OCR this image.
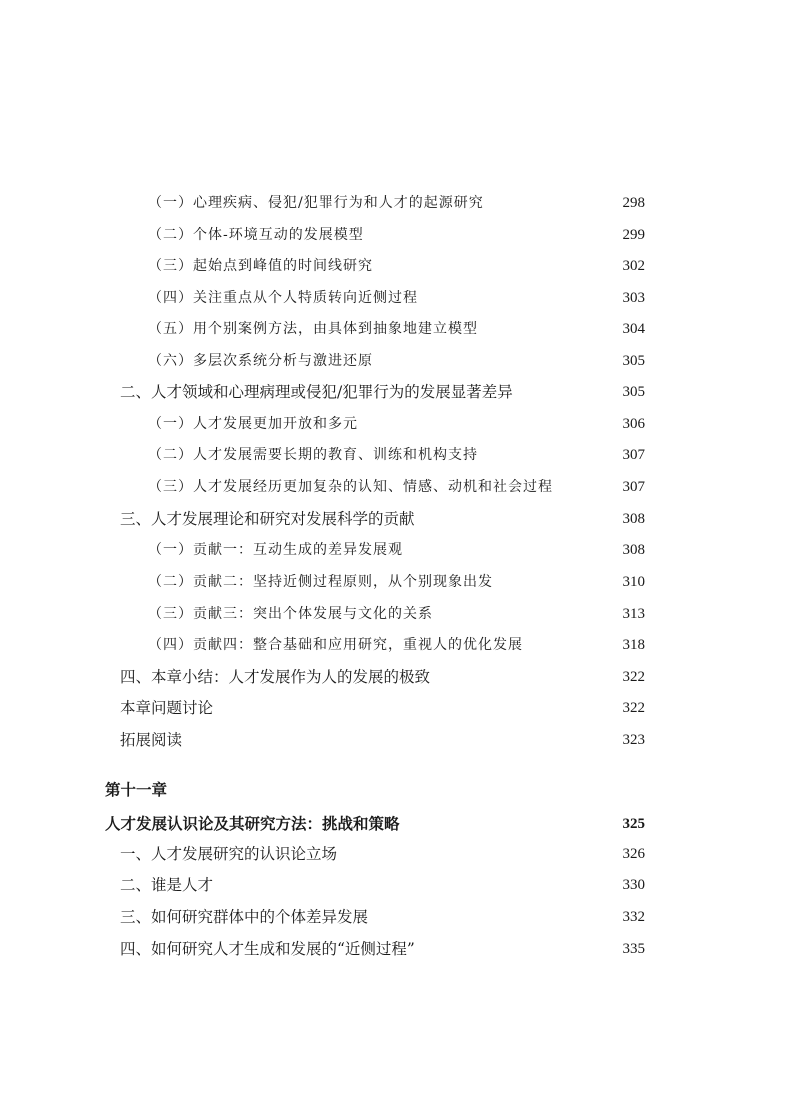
（一）心理疾病、侵犯/犯罪行为和人才的起源研究	298
（二）个体-环境互动的发展模型	299
（三）起始点到峰值的时间线研究	302
（四）关注重点从个人特质转向近侧过程	303
（五）用个别案例方法，由具体到抽象地建立模型	304
（六）多层次系统分析与激进还原	305
二、人才领域和心理病理或侵犯/犯罪行为的发展显著差异	305
（一）人才发展更加开放和多元	306
（二）人才发展需要长期的教育、训练和机构支持	307
（三）人才发展经历更加复杂的认知、情感、动机和社会过程	307
三、人才发展理论和研究对发展科学的贡献	308
（一）贡献一：互动生成的差异发展观	308
（二）贡献二：坚持近侧过程原则，从个别现象出发	310
（三）贡献三：突出个体发展与文化的关系	313
（四）贡献四：整合基础和应用研究，重视人的优化发展	318
四、本章小结：人才发展作为人的发展的极致	322
本章问题讨论	322
拓展阅读	323
第十一章
人才发展认识论及其研究方法：挑战和策略	325
一、人才发展研究的认识论立场	326
二、谁是人才	330
三、如何研究群体中的个体差异发展	332
四、如何研究人才生成和发展的“近侧过程”	335
